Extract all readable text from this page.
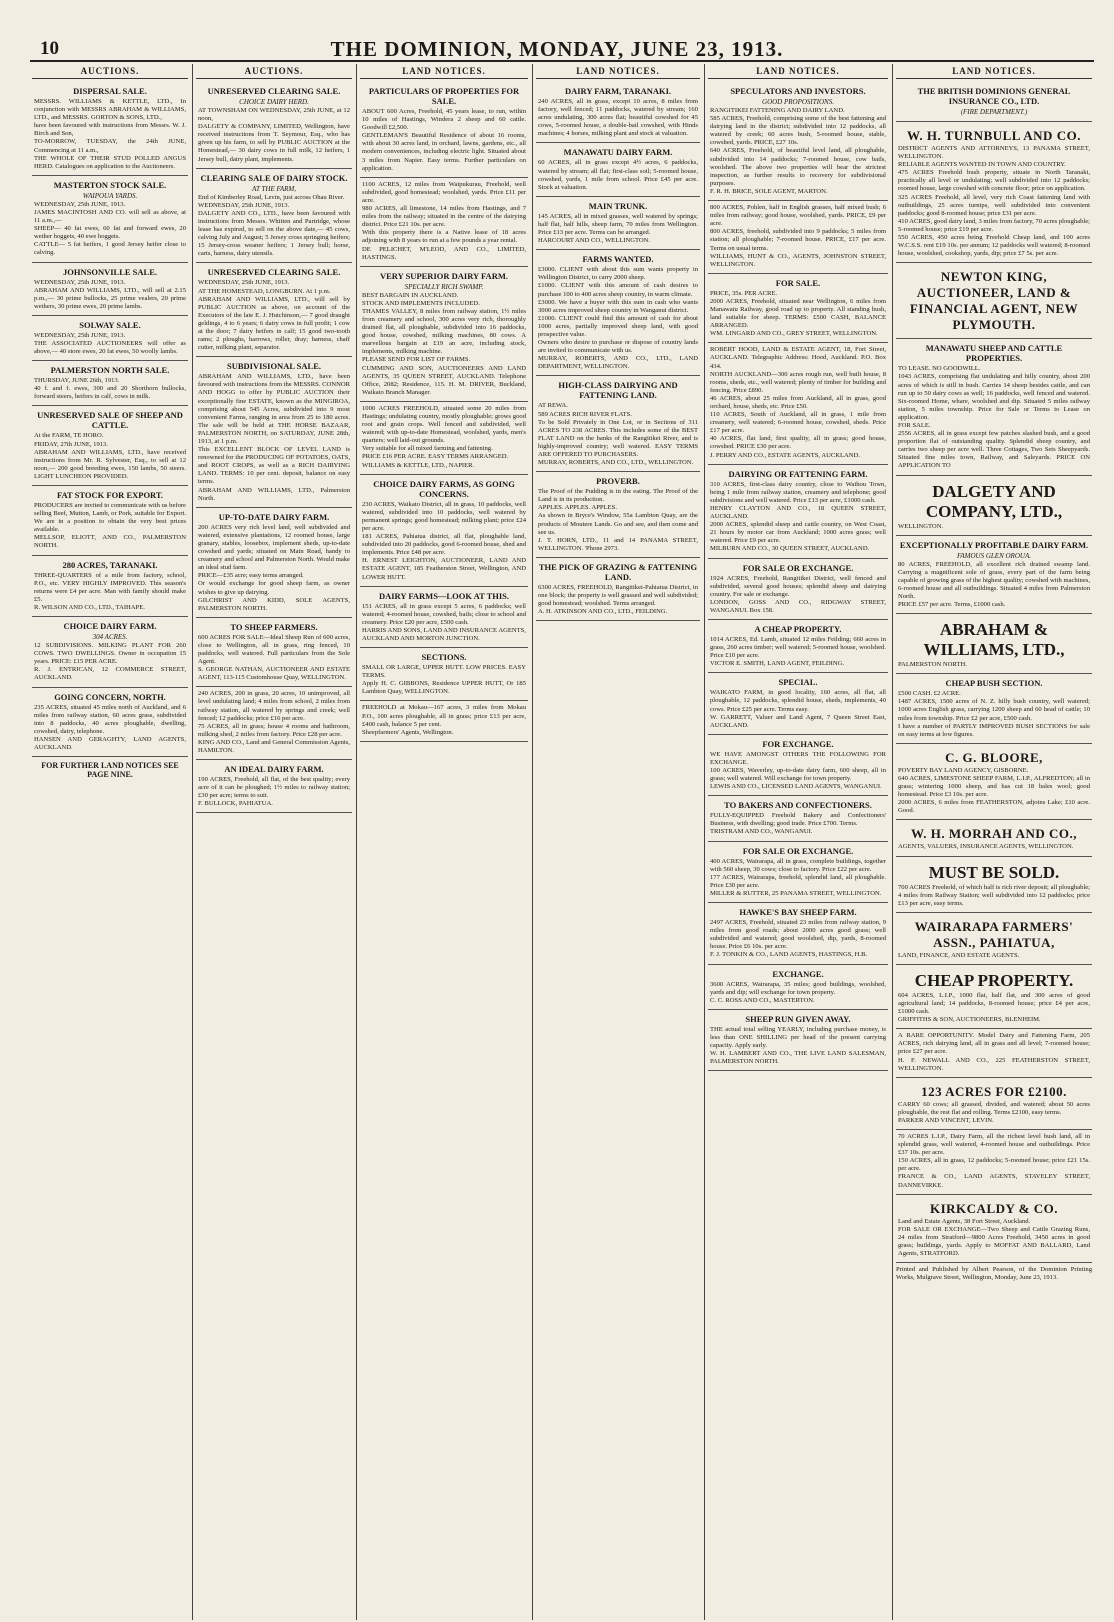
10	THE DOMINION, MONDAY, JUNE 23, 1913.
AUCTIONS.
DISPERSAL SALE.

MESSRS. WILLIAMS & KETTLE, LTD., In conjunction with MESSRS ABRAHAM & WILLIAMS, LTD., and MESSRS. GORTON & SONS, LTD.,

have been favoured with instructions from Messrs. W. J. Birch and Son,

TO-MORROW, TUESDAY, the 24th JUNE, Commencing at 11 a.m.,

THE WHOLE OF THEIR STUD POLLED ANGUS HERD. Catalogues on application to the Auctioneers.

MASTERTON STOCK SALE.
WAIPOUA YARDS.

WEDNESDAY, 25th JUNE, 1913.

JAMES MACINTOSH AND CO. will sell as above, at 11 a.m.,—

SHEEP— 40 fat ewes, 60 fat and forward ewes, 20 wether hoggets, 40 ewe hoggets.

CATTLE— 5 fat heifers, 1 good Jersey heifer close to calving.

JOHNSONVILLE SALE.

WEDNESDAY, 25th JUNE, 1913.

ABRAHAM AND WILLIAMS, LTD., will sell at 2.15 p.m.,— 30 prime bullocks, 25 prime vealers, 20 prime wethers, 30 prime ewes, 20 prime lambs.

SOLWAY SALE.

WEDNESDAY, 25th JUNE, 1913.

THE ASSOCIATED AUCTIONEERS will offer as above,— 40 store ewes, 20 fat ewes, 50 woolly lambs.

PALMERSTON NORTH SALE.

THURSDAY, JUNE 26th, 1913.

40 f. and f. ewes, 300 and 20 Shorthorn bullocks, forward steers, heifers in calf, cows in milk.

UNRESERVED SALE OF SHEEP AND CATTLE.

At the FARM, TE HORO.

FRIDAY, 27th JUNE, 1913.

ABRAHAM AND WILLIAMS, LTD., have received instructions from Mr. R. Sylvester, Esq., to sell at 12 noon,— 200 good breeding ewes, 150 lambs, 50 steers. LIGHT LUNCHEON PROVIDED.

FAT STOCK FOR EXPORT.

PRODUCERS are invited to communicate with us before selling Beef, Mutton, Lamb, or Pork, suitable for Export. We are in a position to obtain the very best prices available.

MELLSOP, ELIOTT, AND CO., PALMERSTON NORTH.

280 ACRES, TARANAKI.

THREE-QUARTERS of a mile from factory, school, P.O., etc. VERY HIGHLY IMPROVED. This season's returns were £4 per acre. Man with family should make £5.

R. WILSON AND CO., LTD., TAIHAPE.

CHOICE DAIRY FARM.
304 ACRES.

12 SUBDIVISIONS. MILKING PLANT FOR 260 COWS. TWO DWELLINGS. Owner in occupation 15 years. PRICE: £15 PER ACRE.

R. J. ENTRICAN, 12 COMMERCE STREET, AUCKLAND.

GOING CONCERN, NORTH.

235 ACRES, situated 45 miles north of Auckland, and 6 miles from railway station, 60 acres grass, subdivided into 8 paddocks, 40 acres ploughable, dwelling, cowshed, dairy, telephone.

HANSEN AND GERAGHTY, LAND AGENTS, AUCKLAND.

FOR FURTHER LAND NOTICES SEE PAGE NINE.
AUCTIONS.
UNRESERVED CLEARING SALE.
CHOICE DAIRY HERD.

AT TOWNSHAM ON WEDNESDAY, 25th JUNE, at 12 noon,

DALGETY & COMPANY, LIMITED, Wellington, have received instructions from T. Seymour, Esq., who has given up his farm, to sell by PUBLIC AUCTION at the Homestead,— 30 dairy cows in full milk, 12 heifers, 1 Jersey bull, dairy plant, implements.

CLEARING SALE OF DAIRY STOCK.
AT THE FARM,

End of Kimberley Road, Levin, just across Ohau River.

WEDNESDAY, 25th JUNE, 1913.

DALGETY AND CO., LTD., have been favoured with instructions from Messrs. Whitten and Partridge, whose lease has expired, to sell on the above date,— 45 cows, calving July and August; 5 Jersey cross springing heifers; 15 Jersey-cross weaner heifers; 1 Jersey bull; horse, carts, harness, dairy utensils.

UNRESERVED CLEARING SALE.

WEDNESDAY, 25th JUNE, 1913.

AT THE HOMESTEAD, LONGBURN. At 1 p.m.

ABRAHAM AND WILLIAMS, LTD., will sell by PUBLIC AUCTION as above, on account of the Executors of the late E. J. Hutchinson,— 7 good draught geldings, 4 to 6 years; 6 dairy cows in full profit; 1 cow at the door; 7 dairy heifers in calf; 15 good two-tooth rams; 2 ploughs, harrows, roller, dray; harness, chaff cutter, milking plant, separator.

SUBDIVISIONAL SALE.

ABRAHAM AND WILLIAMS, LTD., have been favoured with instructions from the MESSRS. CONNOR AND HOGG to offer by PUBLIC AUCTION their exceptionally fine ESTATE, known as the MINGIROA, comprising about 545 Acres, subdivided into 9 most convenient Farms, ranging in area from 25 to 180 acres. The sale will be held at THE HORSE BAZAAR, PALMERSTON NORTH, on SATURDAY, JUNE 28th, 1913, at 1 p.m.

This EXCELLENT BLOCK OF LEVEL LAND is renowned for the PRODUCING OF POTATOES, OATS, and ROOT CROPS, as well as a RICH DAIRYING LAND. TERMS: 10 per cent. deposit, balance on easy terms.

ABRAHAM AND WILLIAMS, LTD., Palmerston North.

UP-TO-DATE DAIRY FARM.

200 ACRES very rich level land, well subdivided and watered, extensive plantations, 12 roomed house, large granary, stables, loosebox, implement sheds, up-to-date cowshed and yards; situated on Main Road, handy to creamery and school and Palmerston North. Would make an ideal stud farm.

PRICE—£35 acre; easy terms arranged.

Or would exchange for good sheep farm, as owner wishes to give up dairying.

GILCHRIST AND KIDD, SOLE AGENTS, PALMERSTON NORTH.

TO SHEEP FARMERS.

600 ACRES FOR SALE—Ideal Sheep Run of 600 acres, close to Wellington, all in grass, ring fenced, 10 paddocks, well watered. Full particulars from the Sole Agent.

S. GEORGE NATHAN, AUCTIONEER AND ESTATE AGENT, 113-115 Customhouse Quay, WELLINGTON.

240 ACRES, 200 in grass, 20 acres, 10 unimproved, all level undulating land; 4 miles from school, 2 miles from railway station, all watered by springs and creek; well fenced; 12 paddocks; price £16 per acre.

75 ACRES, all in grass; house 4 rooms and bathroom, milking shed, 2 miles from factory. Price £28 per acre.

KING AND CO., Land and General Commission Agents, HAMILTON.

AN IDEAL DAIRY FARM.

190 ACRES, Freehold, all flat, of the best quality; every acre of it can be ploughed; 1½ miles to railway station; £30 per acre; terms to suit.

F. BULLOCK, PAHIATUA.

LAND NOTICES.
PARTICULARS OF PROPERTIES FOR SALE.

ABOUT 600 Acres, Freehold, 45 years lease, to run, within 10 miles of Hastings, Windera 2 sheep and 60 cattle. Goodwill £2,500.

GENTLEMAN'S Beautiful Residence of about 16 rooms, with about 30 acres land, in orchard, lawns, gardens, etc., all modern conveniences, including electric light. Situated about 3 miles from Napier. Easy terms. Further particulars on application.

1100 ACRES, 12 miles from Waipukurau, Freehold, well subdivided, good homestead; woolshed, yards. Price £11 per acre.

980 ACRES, all limestone, 14 miles from Hastings, and 7 miles from the railway; situated in the centre of the dairying district. Price £21 10s. per acre.

With this property there is a Native lease of 18 acres adjoining with 8 years to run at a few pounds a year rental.

DE PELICHET, M'LEOD, AND CO., LIMITED, HASTINGS.

VERY SUPERIOR DAIRY FARM.
SPECIALLY RICH SWAMP.

BEST BARGAIN IN AUCKLAND.

STOCK AND IMPLEMENTS INCLUDED.

THAMES VALLEY, 8 miles from railway station, 1½ miles from creamery and school, 300 acres very rich, thoroughly drained flat, all ploughable, subdivided into 16 paddocks, good house, cowshed, milking machines, 80 cows. A marvellous bargain at £19 an acre, including stock, implements, milking machine.

PLEASE SEND FOR LIST OF FARMS.

CUMMING AND SON, AUCTIONEERS AND LAND AGENTS, 35 QUEEN STREET, AUCKLAND. Telephone Office, 2082; Residence, 115. H. M. DRIVER, Buckland, Waikato Branch Manager.

1000 ACRES FREEHOLD, situated some 20 miles from Hastings; undulating country, mostly ploughable; grows good root and grain crops. Well fenced and subdivided, well watered; with up-to-date Homestead, woolshed, yards, men's quarters; well laid-out grounds.

Very suitable for all mixed farming and fattening.

PRICE £16 PER ACRE. EASY TERMS ARRANGED.

WILLIAMS & KETTLE, LTD., NAPIER.

CHOICE DAIRY FARMS, AS GOING CONCERNS.

230 ACRES, Waikato District, all in grass, 10 paddocks, well watered, subdivided into 10 paddocks, well watered by permanent springs; good homestead; milking plant; price £24 per acre.

181 ACRES, Pahiatua district, all flat, ploughable land, subdivided into 20 paddocks, good 6-roomed house, shed and implements. Price £48 per acre.

H. ERNEST LEIGHTON, AUCTIONEER, LAND AND ESTATE AGENT, 185 Featherston Street, Wellington, AND LOWER HUTT.

DAIRY FARMS—LOOK AT THIS.

151 ACRES, all in grass except 5 acres, 6 paddocks; well watered; 4-roomed house, cowshed, bails; close to school and creamery. Price £20 per acre, £500 cash.

HARRIS AND SONS, LAND AND INSURANCE AGENTS, AUCKLAND AND MORTON JUNCTION.

SECTIONS.

SMALL OR LARGE, UPPER HUTT. LOW PRICES. EASY TERMS.

Apply H. C. GIBBONS, Residence UPPER HUTT, Or 185 Lambton Quay, WELLINGTON.

FREEHOLD at Mokau—167 acres, 3 miles from Mokau P.O., 100 acres ploughable, all in grass; price £13 per acre, £400 cash, balance 5 per cent.

Sheepfarmers' Agents, Wellington.

LAND NOTICES.
DAIRY FARM, TARANAKI.

240 ACRES, all in grass, except 10 acres, 8 miles from factory, well fenced; 11 paddocks, watered by stream; 160 acres undulating, 300 acres flat; beautiful cowshed for 45 cows, 5-roomed house, a double-bail cowshed, with Hinds machines; 4 horses, milking plant and stock at valuation.

MANAWATU DAIRY FARM.

60 ACRES, all in grass except 4½ acres, 6 paddocks, watered by stream; all flat; first-class soil; 5-roomed house, cowshed, yards, 1 mile from school. Price £45 per acre. Stock at valuation.

MAIN TRUNK.

145 ACRES, all in mixed grasses, well watered by springs; half flat, half hills, sheep farm, 70 miles from Wellington. Price £13 per acre. Terms can be arranged.

HARCOURT AND CO., WELLINGTON.

FARMS WANTED.

£3000. CLIENT with about this sum wants property in Wellington District, to carry 2000 sheep.

£1000. CLIENT with this amount of cash desires to purchase 100 to 400 acres sheep country, in warm climate.

£3000. We have a buyer with this sum in cash who wants 3000 acres improved sheep country in Wanganui district.

£1000. CLIENT could find this amount of cash for about 1000 acres, partially improved sheep land, with good prospective value.

Owners who desire to purchase or dispose of country lands are invited to communicate with us.

MURRAY, ROBERTS, AND CO., LTD., LAND DEPARTMENT, WELLINGTON.

HIGH-CLASS DAIRYING AND FATTENING LAND.

AT REWA.

589 ACRES RICH RIVER FLATS.

To be Sold Privately in One Lot, or in Sections of 311 ACRES TO 238 ACRES. This includes some of the BEST FLAT LAND on the banks of the Rangitikei River, and is highly-improved country; well watered. EASY TERMS ARE OFFERED TO PURCHASERS.

MURRAY, ROBERTS, AND CO., LTD., WELLINGTON.

PROVERB.

The Proof of the Pudding is in the eating. The Proof of the Land is in its production.

APPLES. APPLES. APPLES.

As shown in Bryce's Window, 55a Lambton Quay, are the products of Moutere Lands. Go and see, and then come and see us.

J. T. HORN, LTD., 11 and 14 PANAMA STREET, WELLINGTON. 'Phone 2973.

THE PICK OF GRAZING & FATTENING LAND.

6300 ACRES, FREEHOLD, Rangitikei-Pahiatua District, in one block; the property is well grassed and well subdivided; good homestead; woolshed. Terms arranged.

A. H. ATKINSON AND CO., LTD., FEILDING.

LAND NOTICES.
SPECULATORS AND INVESTORS.
GOOD PROPOSITIONS.

RANGITIKEI FATTENING AND DAIRY LAND.

585 ACRES, Freehold, comprising some of the best fattening and dairying land in the district; subdivided into 12 paddocks, all watered by creek; 60 acres bush, 5-roomed house, stable, cowshed, yards. PRICE, £27 10s.

640 ACRES, Freehold, of beautiful level land, all ploughable, subdivided into 14 paddocks; 7-roomed house, cow bails, woolshed. The above two properties will bear the strictest inspection, as further results to recovery for subdivisional purposes.

F. R. H. BRICE, SOLE AGENT, MARTON.

800 ACRES, Pohlen, half in English grasses, half mixed bush; 6 miles from railway; good house, woolshed, yards. PRICE, £9 per acre.

800 ACRES, freehold, subdivided into 9 paddocks; 5 miles from station; all ploughable; 7-roomed house. PRICE, £17 per acre. Terms on usual terms.

WILLIAMS, HUNT & CO., AGENTS, JOHNSTON STREET, WELLINGTON.

FOR SALE.

PRICE, 35s. PER ACRE.

2000 ACRES, Freehold, situated near Wellington, 6 miles from Manawatu Railway, good road up to property. All standing bush, land suitable for sheep. TERMS: £500 CASH, BALANCE ARRANGED.

WM. LINGARD AND CO., GREY STREET, WELLINGTON.

ROBERT HOOD, LAND & ESTATE AGENT, 18, Fort Street, AUCKLAND. Telegraphic Address: Hood, Auckland. P.O. Box 434.

NORTH AUCKLAND—300 acres rough run, well built house, 8 rooms, sheds, etc., well watered; plenty of timber for building and fencing. Price £890.

46 ACRES, about 25 miles from Auckland, all in grass, good orchard, house, sheds, etc. Price £50.

110 ACRES, South of Auckland, all in grass, 1 mile from creamery, well watered; 6-roomed house, cowshed, sheds. Price £17 per acre.

40 ACRES, flat land, first quality, all in grass; good house, cowshed. PRICE £30 per acre.

J. PERRY AND CO., ESTATE AGENTS, AUCKLAND.

DAIRYING OR FATTENING FARM.

310 ACRES, first-class dairy country, close to Waihou Town, being 1 mile from railway station, creamery and telephone; good subdivisions and well watered. Price £13 per acre, £1000 cash.

HENRY CLAYTON AND CO., 18 QUEEN STREET, AUCKLAND.

2000 ACRES, splendid sheep and cattle country, on West Coast, 21 hours by motor car from Auckland; 1000 acres grass; well watered. Price £9 per acre.

MILBURN AND CO., 30 QUEEN STREET, AUCKLAND.

FOR SALE OR EXCHANGE.

1924 ACRES, Freehold, Rangitikei District, well fenced and subdivided, several good houses; splendid sheep and dairying country. For sale or exchange.

LONDON, GOSS AND CO., RIDGWAY STREET, WANGANUI. Box 158.

A CHEAP PROPERTY.

1014 ACRES, Ed. Lamb, situated 12 miles Feilding; 660 acres in grass, 260 acres timber; well watered; 5-roomed house, woolshed. Price £10 per acre.

VICTOR E. SMITH, LAND AGENT, FEILDING.

SPECIAL.

WAIKATO FARM, in good locality, 160 acres, all flat, all ploughable, 12 paddocks, splendid house, sheds, implements, 40 cows. Price £25 per acre. Terms easy.

W. GARRETT, Valuer and Land Agent, 7 Queen Street East, AUCKLAND.

FOR EXCHANGE.

WE HAVE AMONGST OTHERS THE FOLLOWING FOR EXCHANGE.

100 ACRES, Waverley, up-to-date dairy farm, 600 sheep, all in grass; well watered. Will exchange for town property.

LEWIS AND CO., LICENSED LAND AGENTS, WANGANUI.

TO BAKERS AND CONFECTIONERS.

FULLY-EQUIPPED Freehold Bakery and Confectioners' Business, with dwelling; good trade. Price £700. Terms.

TRISTRAM AND CO., WANGANUI.

FOR SALE OR EXCHANGE.

400 ACRES, Wairarapa, all in grass, complete buildings, together with 560 sheep, 30 cows; close to factory. Price £22 per acre.

177 ACRES, Wairarapa, freehold, splendid land, all ploughable. Price £30 per acre.

MILLER & RUTTER, 25 PANAMA STREET, WELLINGTON.

HAWKE'S BAY SHEEP FARM.

2497 ACRES, Freehold, situated 23 miles from railway station, 9 miles from good roads; about 2000 acres good grass; well subdivided and watered; good woolshed, dip, yards, 8-roomed house. Price £6 10s. per acre.

F. J. TONKIN & CO., LAND AGENTS, HASTINGS, H.B.

EXCHANGE.

3600 ACRES, Wairarapa, 35 miles; good buildings, woolshed, yards and dip; will exchange for town property.

C. C. ROSS AND CO., MASTERTON.

SHEEP RUN GIVEN AWAY.

THE actual total selling YEARLY, including purchase money, is less than ONE SHILLING per head of the present carrying capacity. Apply early.

W. H. LAMBERT AND CO., THE LIVE LAND SALESMAN, PALMERSTON NORTH.

LAND NOTICES.
THE BRITISH DOMINIONS GENERAL INSURANCE CO., LTD.
(FIRE DEPARTMENT.)
W. H. TURNBULL AND CO.

DISTRICT AGENTS AND ATTORNEYS, 13 PANAMA STREET, WELLINGTON.

RELIABLE AGENTS WANTED IN TOWN AND COUNTRY.

475 ACRES Freehold bush property, situate in North Taranaki, practically all level or undulating; well subdivided into 12 paddocks; roomed house, large cowshed with concrete floor; price on application.

325 ACRES Freehold, all level, very rich Coast fattening land with outbuildings, 25 acres turnips, well subdivided into convenient paddocks; good 8-roomed house; price £31 per acre.

410 ACRES, good dairy land, 3 miles from factory, 70 acres ploughable; 5-roomed house; price £19 per acre.

550 ACRES, 450 acres being Freehold Cheap land, and 100 acres W.C.S.S. rent £19 10s. per annum; 12 paddocks well watered; 8-roomed house, woolshed, cookshop, yards, dip; price £7 5s. per acre.

NEWTON KING, AUCTIONEER, LAND & FINANCIAL AGENT, NEW PLYMOUTH.
MANAWATU SHEEP AND CATTLE PROPERTIES.

TO LEASE. NO GOODWILL.

1043 ACRES, comprising flat undulating and hilly country, about 200 acres of which is still in bush. Carries 14 sheep besides cattle, and can run up to 50 dairy cows as well; 16 paddocks, well fenced and watered. Six-roomed Home, whare, woolshed and dip. Situated 5 miles railway station, 5 miles township. Price for Sale or Terms to Lease on application.

FOR SALE.

2556 ACRES, all in grass except few patches slashed bush, and a good proportion flat of outstanding quality. Splendid sheep country, and carries two sheep per acre well. Three Cottages, Two Sets Sheepyards. Situated fine miles town, Railway, and Saleyards. PRICE ON APPLICATION TO

DALGETY AND COMPANY, LTD.,

WELLINGTON.

EXCEPTIONALLY PROFITABLE DAIRY FARM.
FAMOUS GLEN OROUA.

80 ACRES, FREEHOLD, all excellent rich drained swamp land. Carrying a magnificent sole of grass, every part of the farm being capable of growing grass of the highest quality; cowshed with machines, 6-roomed house and all outbuildings. Situated 4 miles from Palmerston North.

PRICE £57 per acre. Terms, £1000 cash.

ABRAHAM & WILLIAMS, LTD.,

PALMERSTON NORTH.

CHEAP BUSH SECTION.

£500 CASH. £2 ACRE.

1487 ACRES, 1500 acres of N. Z. hilly bush country, well watered; 1000 acres English grass, carrying 1200 sheep and 60 head of cattle; 10 miles from township. Price £2 per acre, £500 cash.

I have a number of PARTLY IMPROVED BUSH SECTIONS for sale on easy terms at low figures.

C. G. BLOORE,

POVERTY BAY LAND AGENCY, GISBORNE.

640 ACRES, LIMESTONE SHEEP FARM, L.I.P., ALFREDTON; all in grass; wintering 1000 sheep, and has cut 18 bales wool; good homestead. Price £3 10s. per acre.

2000 ACRES, 6 miles from FEATHERSTON, adjoins Lake; £10 acre. Good.

W. H. MORRAH AND CO.,

AGENTS, VALUERS, INSURANCE AGENTS, WELLINGTON.

MUST BE SOLD.

700 ACRES Freehold, of which half is rich river deposit; all ploughable; 4 miles from Railway Station; well subdivided into 12 paddocks; price £13 per acre, easy terms.

WAIRARAPA FARMERS' ASSN., PAHIATUA,

LAND, FINANCE, AND ESTATE AGENTS.

CHEAP PROPERTY.

604 ACRES, L.I.P., 1000 flat, half flat, and 300 acres of good agricultural land; 14 paddocks, 8-roomed house; price £4 per acre, £1000 cash.

GRIFFITHS & SON, AUCTIONEERS, BLENHEIM.

A RARE OPPORTUNITY. Model Dairy and Fattening Farm, 205 ACRES, rich dairying land, all in grass and all level; 7-roomed house; price £27 per acre.

H. F. NEWALL AND CO., 225 FEATHERSTON STREET, WELLINGTON.

123 ACRES FOR £2100.

CARRY 60 cows; all grassed, divided, and watered; about 50 acres ploughable, the rest flat and rolling. Terms £2100, easy terms.

PARKER AND VINCENT, LEVIN.

70 ACRES L.I.P., Dairy Farm, all the richest level bush land, all in splendid grass, well watered, 4-roomed house and outbuildings. Price £37 10s. per acre.

150 ACRES, all in grass, 12 paddocks; 5-roomed house; price £21 15s. per acre.

FRANCE & CO., LAND AGENTS, STAVELEY STREET, DANNEVIRKE.

KIRKCALDY & CO.

Land and Estate Agents, 38 Fort Street, Auckland.

FOR SALE OR EXCHANGE—Two Sheep and Cattle Grazing Runs, 24 miles from Stratford—9800 Acres Freehold, 3450 acres in good grass; buildings, yards. Apply to MOFFAT AND BALLARD, Land Agents, STRATFORD.

Printed and Published by Albert Pearson, of the Dominion Printing Works, Mulgrave Street, Wellington, Monday, June 23, 1913.
